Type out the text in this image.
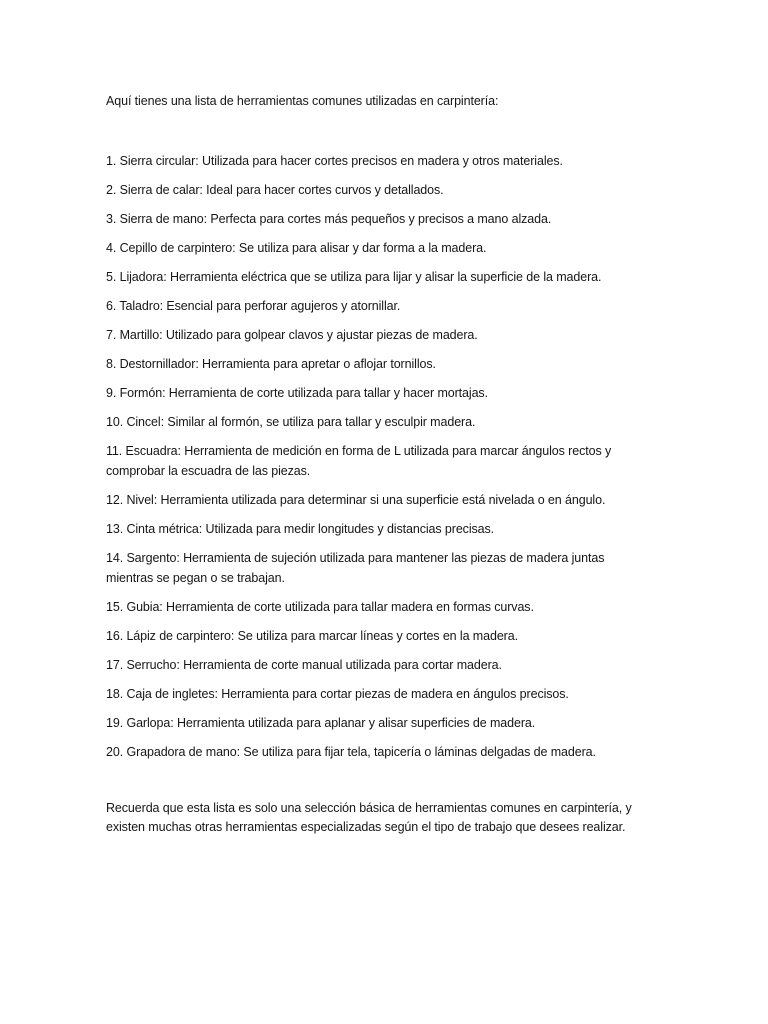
Aquí tienes una lista de herramientas comunes utilizadas en carpintería:

1. Sierra circular: Utilizada para hacer cortes precisos en madera y otros materiales.
2. Sierra de calar: Ideal para hacer cortes curvos y detallados.
3. Sierra de mano: Perfecta para cortes más pequeños y precisos a mano alzada.
4. Cepillo de carpintero: Se utiliza para alisar y dar forma a la madera.
5. Lijadora: Herramienta eléctrica que se utiliza para lijar y alisar la superficie de la madera.
6. Taladro: Esencial para perforar agujeros y atornillar.
7. Martillo: Utilizado para golpear clavos y ajustar piezas de madera.
8. Destornillador: Herramienta para apretar o aflojar tornillos.
9. Formón: Herramienta de corte utilizada para tallar y hacer mortajas.
10. Cincel: Similar al formón, se utiliza para tallar y esculpir madera.
11. Escuadra: Herramienta de medición en forma de L utilizada para marcar ángulos rectos y comprobar la escuadra de las piezas.
12. Nivel: Herramienta utilizada para determinar si una superficie está nivelada o en ángulo.
13. Cinta métrica: Utilizada para medir longitudes y distancias precisas.
14. Sargento: Herramienta de sujeción utilizada para mantener las piezas de madera juntas mientras se pegan o se trabajan.
15. Gubia: Herramienta de corte utilizada para tallar madera en formas curvas.
16. Lápiz de carpintero: Se utiliza para marcar líneas y cortes en la madera.
17. Serrucho: Herramienta de corte manual utilizada para cortar madera.
18. Caja de ingletes: Herramienta para cortar piezas de madera en ángulos precisos.
19. Garlopa: Herramienta utilizada para aplanar y alisar superficies de madera.
20. Grapadora de mano: Se utiliza para fijar tela, tapicería o láminas delgadas de madera.

Recuerda que esta lista es solo una selección básica de herramientas comunes en carpintería, y existen muchas otras herramientas especializadas según el tipo de trabajo que desees realizar.
